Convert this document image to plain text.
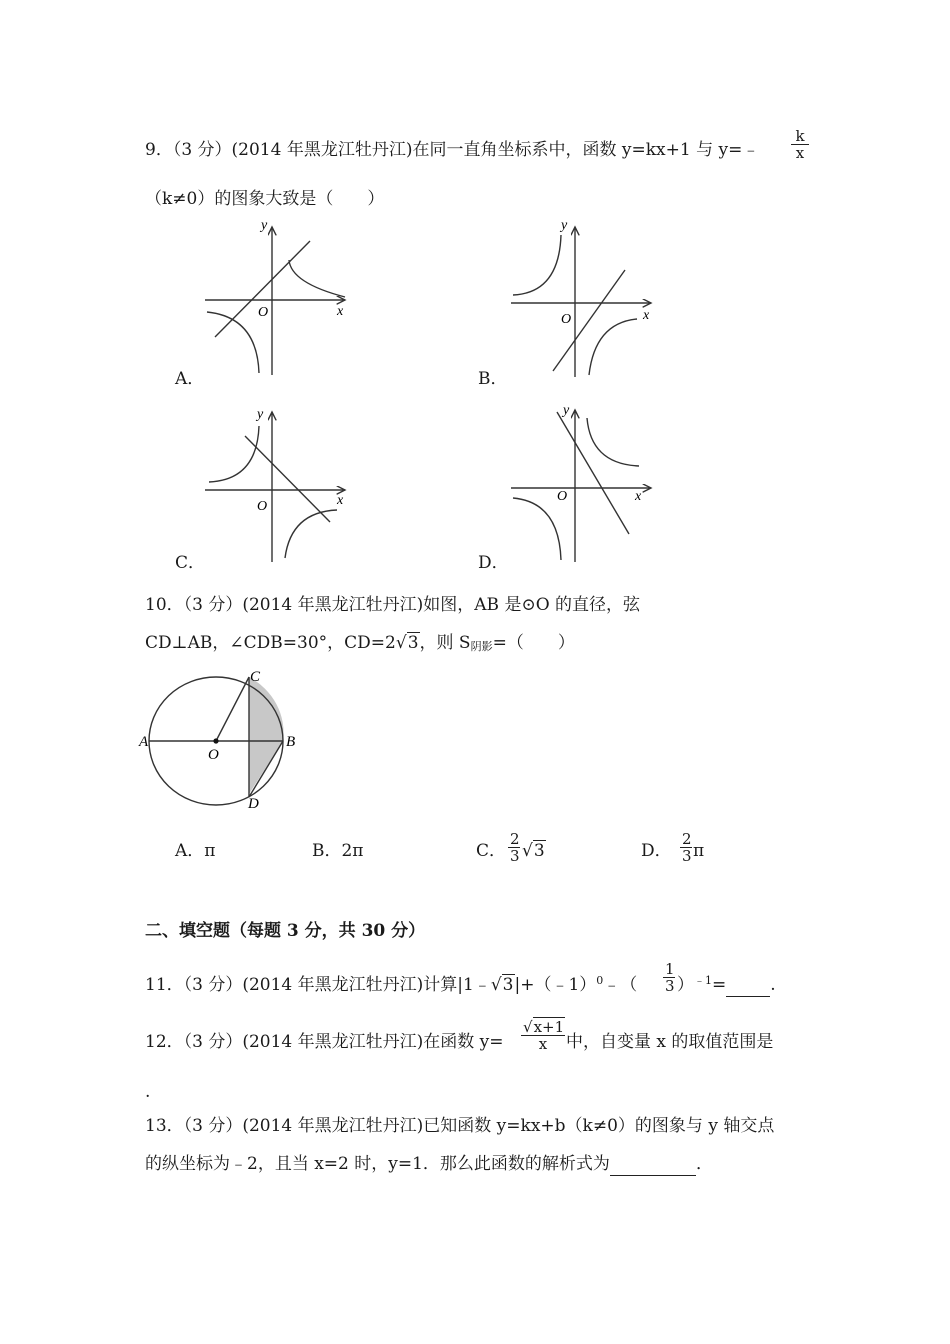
9．（3 分）(2014 年黑龙江牡丹江)在同一直角坐标系中，函数 y=kx+1 与 y=﹣ $\frac{k}{x}$
（k≠0）的图象大致是（　　）
y
x
O
A．
y
x
O
B．
y
x
O
C．
y
x
O
D．
10．（3 分）(2014 年黑龙江牡丹江)如图，AB 是⊙O 的直径，弦
CD⊥AB，∠CDB=30°，CD=2√3，则 S阴影=（　　）
A	B
C
D
O
A．π	B．2π	C． $\frac{2}{3} √3$	D． $\frac{2}{3}$ π
二、填空题（每题 3 分，共 30 分）
11．（3 分）(2014 年黑龙江牡丹江)计算|1﹣√3|+（﹣1）$^0$﹣（ $\frac{1}{3} )^{﹣1}=$	.
12．（3 分）(2014 年黑龙江牡丹江)在函数 $y= \frac{√x+1}{x}$ 中，自变量 x 的取值范围是
.
13．（3 分）(2014 年黑龙江牡丹江)已知函数 y=kx+b（k≠0）的图象与 y 轴交点
的纵坐标为﹣2，且当 x=2 时，y=1．那么此函数的解析式为	．
